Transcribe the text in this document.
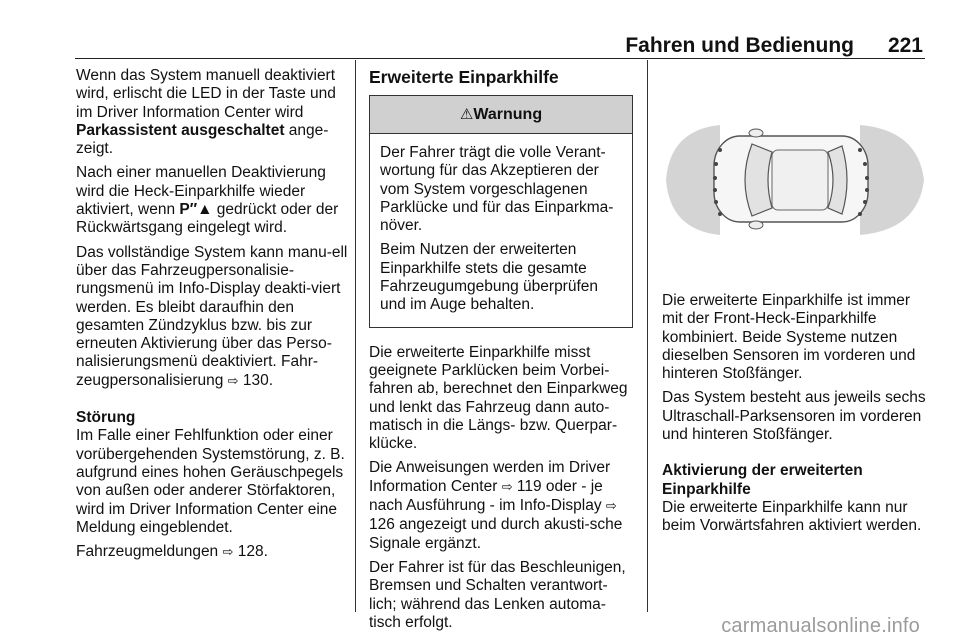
Fahren und Bedienung 221

Wenn das System manuell deaktiviert wird, erlischt die LED in der Taste und im Driver Information Center wird Parkassistent ausgeschaltet ange-zeigt.

Nach einer manuellen Deaktivierung wird die Heck-Einparkhilfe wieder aktiviert, wenn P″▲ gedrückt oder der Rückwärtsgang eingelegt wird.

Das vollständige System kann manu-ell über das Fahrzeugpersonalisie-rungsmenü im Info-Display deakti-viert werden. Es bleibt daraufhin den gesamten Zündzyklus bzw. bis zur erneuten Aktivierung über das Perso-nalisierungsmenü deaktiviert. Fahr-zeugpersonalisierung ⇨ 130.

Störung

Im Falle einer Fehlfunktion oder einer vorübergehenden Systemstörung, z. B. aufgrund eines hohen Geräuschpegels von außen oder anderer Störfaktoren, wird im Driver Information Center eine Meldung eingeblendet.

Fahrzeugmeldungen ⇨ 128.

Erweiterte Einparkhilfe
⚠Warnung

Der Fahrer trägt die volle Verant-wortung für das Akzeptieren der vom System vorgeschlagenen Parklücke und für das Einparkma-növer.

Beim Nutzen der erweiterten Einparkhilfe stets die gesamte Fahrzeugumgebung überprüfen und im Auge behalten.

Die erweiterte Einparkhilfe misst geeignete Parklücken beim Vorbei-fahren ab, berechnet den Einparkweg und lenkt das Fahrzeug dann auto-matisch in die Längs- bzw. Querpar-klücke.

Die Anweisungen werden im Driver Information Center ⇨ 119 oder - je nach Ausführung - im Info-Display ⇨ 126 angezeigt und durch akusti-sche Signale ergänzt.

Der Fahrer ist für das Beschleunigen, Bremsen und Schalten verantwort-lich; während das Lenken automa-tisch erfolgt.

Die erweiterte Einparkhilfe ist immer mit der Front-Heck-Einparkhilfe kombiniert. Beide Systeme nutzen dieselben Sensoren im vorderen und hinteren Stoßfänger.

Das System besteht aus jeweils sechs Ultraschall-Parksensoren im vorderen und hinteren Stoßfänger.

Aktivierung der erweiterten Einparkhilfe

Die erweiterte Einparkhilfe kann nur beim Vorwärtsfahren aktiviert werden.

carmanualsonline.info
